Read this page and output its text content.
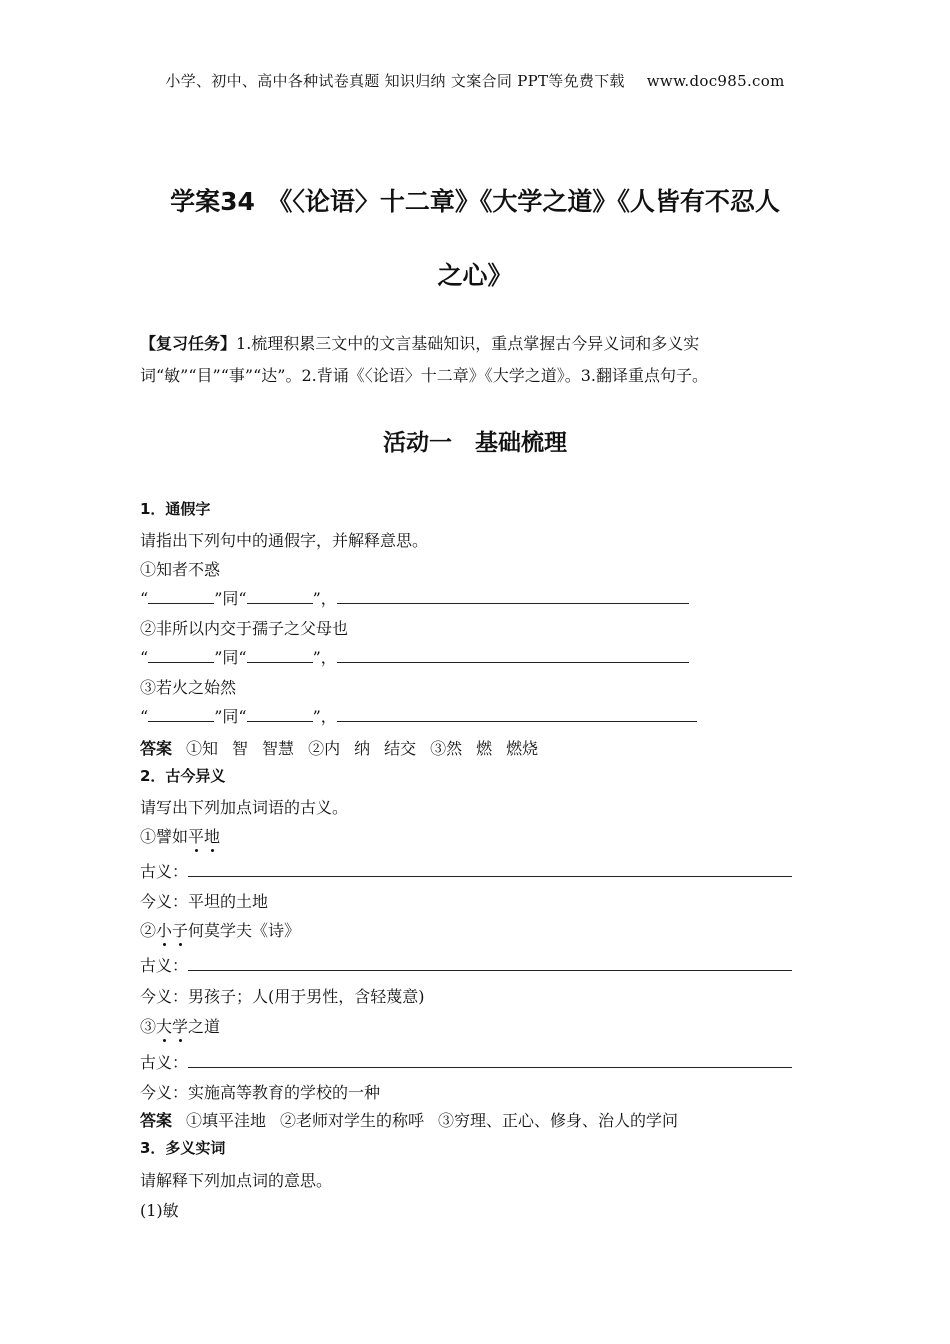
小学、初中、高中各种试卷真题 知识归纳 文案合同 PPT等免费下载 www.doc985.com
学案34　《〈论语〉十二章》《大学之道》《人皆有不忍人
之心》
【复习任务】1.梳理积累三文中的文言基础知识，重点掌握古今异义词和多义实词“敏”“目”“事”“达”。2.背诵《〈论语〉十二章》《大学之道》。3.翻译重点句子。
活动一　基础梳理
1．通假字
请指出下列句中的通假字，并解释意思。
①知者不惑
“	”同“	”，
②非所以内交于孺子之父母也
“	”同“	”，
③若火之始然
“	”同“	”，
答案 ①知 智 智慧 ②内 纳 结交 ③然 燃 燃烧
2．古今异义
请写出下列加点词语的古义。
①譬如平地
古义：
今义：平坦的土地
②小子何莫学夫《诗》
古义：
今义：男孩子；人(用于男性，含轻蔑意)
③大学之道
古义：
今义：实施高等教育的学校的一种
答案 ①填平洼地 ②老师对学生的称呼 ③穷理、正心、修身、治人的学问
3．多义实词
请解释下列加点词的意思。
(1)敏
